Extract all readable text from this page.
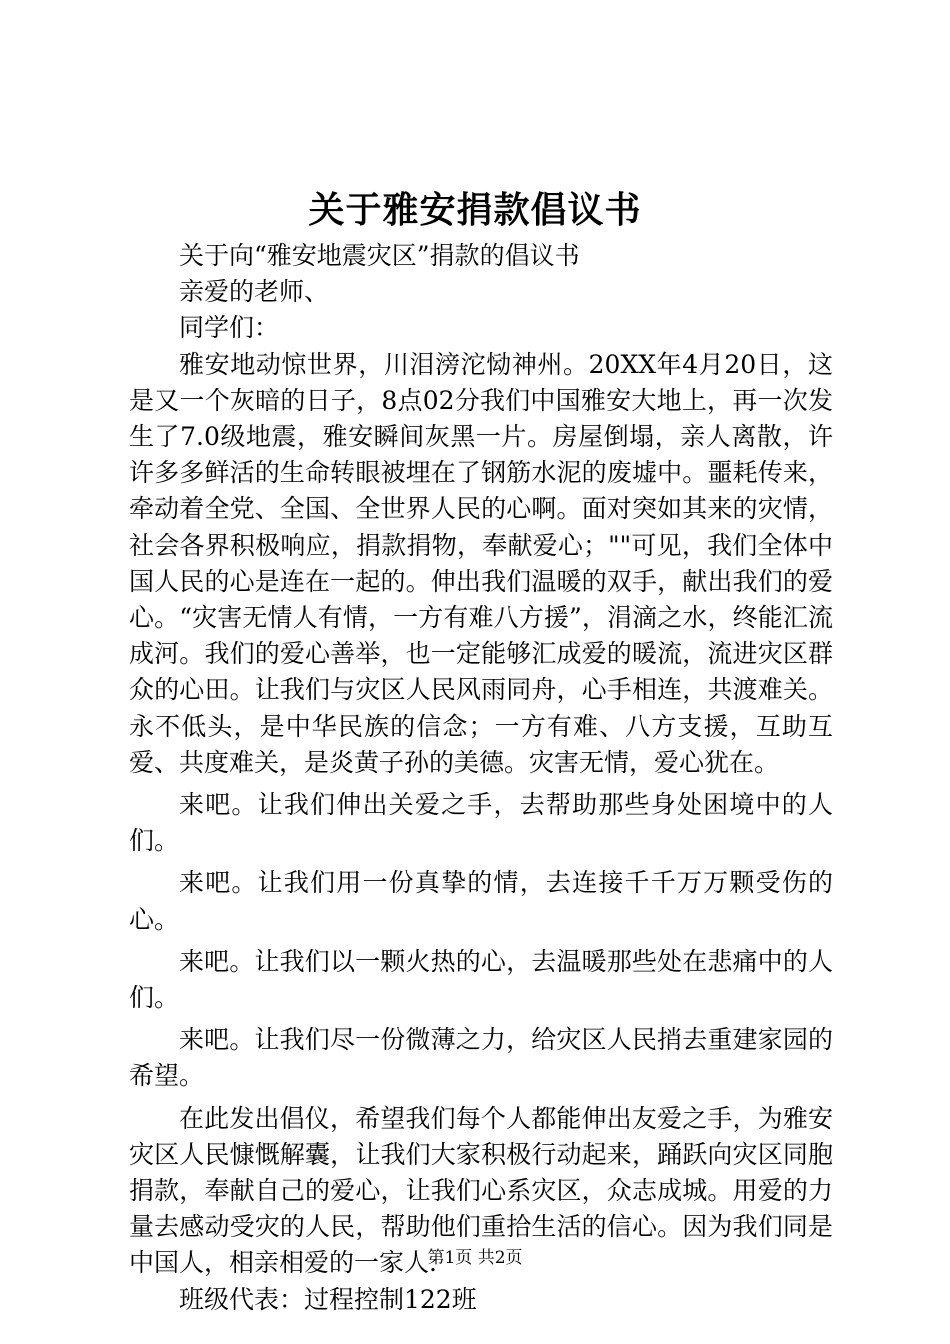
关于雅安捐款倡议书

关于向“雅安地震灾区”捐款的倡议书

亲爱的老师、

同学们：

雅安地动惊世界，川泪滂沱恸神州。20XX年4月20日，这是又一个灰暗的日子，8点02分我们中国雅安大地上，再一次发生了7.0级地震，雅安瞬间灰黑一片。房屋倒塌，亲人离散，许许多多鲜活的生命转眼被埋在了钢筋水泥的废墟中。噩耗传来，牵动着全党、全国、全世界人民的心啊。面对突如其来的灾情，社会各界积极响应，捐款捐物，奉献爱心；""可见，我们全体中国人民的心是连在一起的。伸出我们温暖的双手，献出我们的爱心。“灾害无情人有情，一方有难八方援”，涓滴之水，终能汇流成河。我们的爱心善举，也一定能够汇成爱的暖流，流进灾区群众的心田。让我们与灾区人民风雨同舟，心手相连，共渡难关。永不低头，是中华民族的信念；一方有难、八方支援，互助互爱、共度难关，是炎黄子孙的美德。灾害无情，爱心犹在。

来吧。让我们伸出关爱之手，去帮助那些身处困境中的人们。

来吧。让我们用一份真挚的情，去连接千千万万颗受伤的心。

来吧。让我们以一颗火热的心，去温暖那些处在悲痛中的人们。

来吧。让我们尽一份微薄之力，给灾区人民捎去重建家园的希望。

在此发出倡仪，希望我们每个人都能伸出友爱之手，为雅安灾区人民慷慨解囊，让我们大家积极行动起来，踊跃向灾区同胞捐款，奉献自己的爱心，让我们心系灾区，众志成城。用爱的力量去感动受灾的人民，帮助他们重拾生活的信心。因为我们同是中国人，相亲相爱的一家人.

班级代表：过程控制122班

第1页 共2页
